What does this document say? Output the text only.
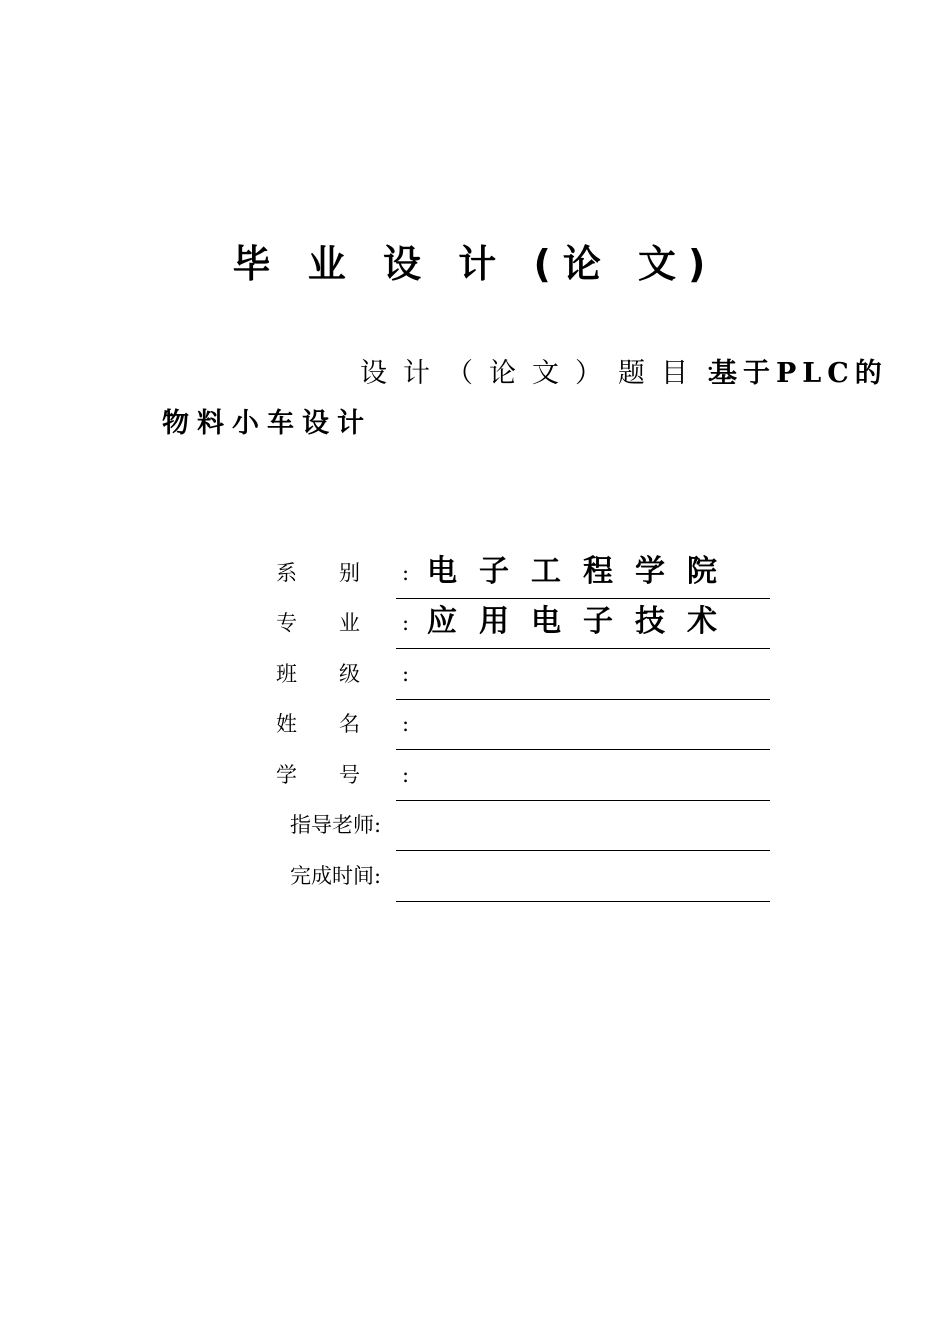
毕 业 设 计 (论 文)
设计（论文）题目：
基于PLC的
物料小车设计
系别:
电子工程学院
专业:
应用电子技术
班级:
姓名:
学号:
指导老师:
完成时间:
